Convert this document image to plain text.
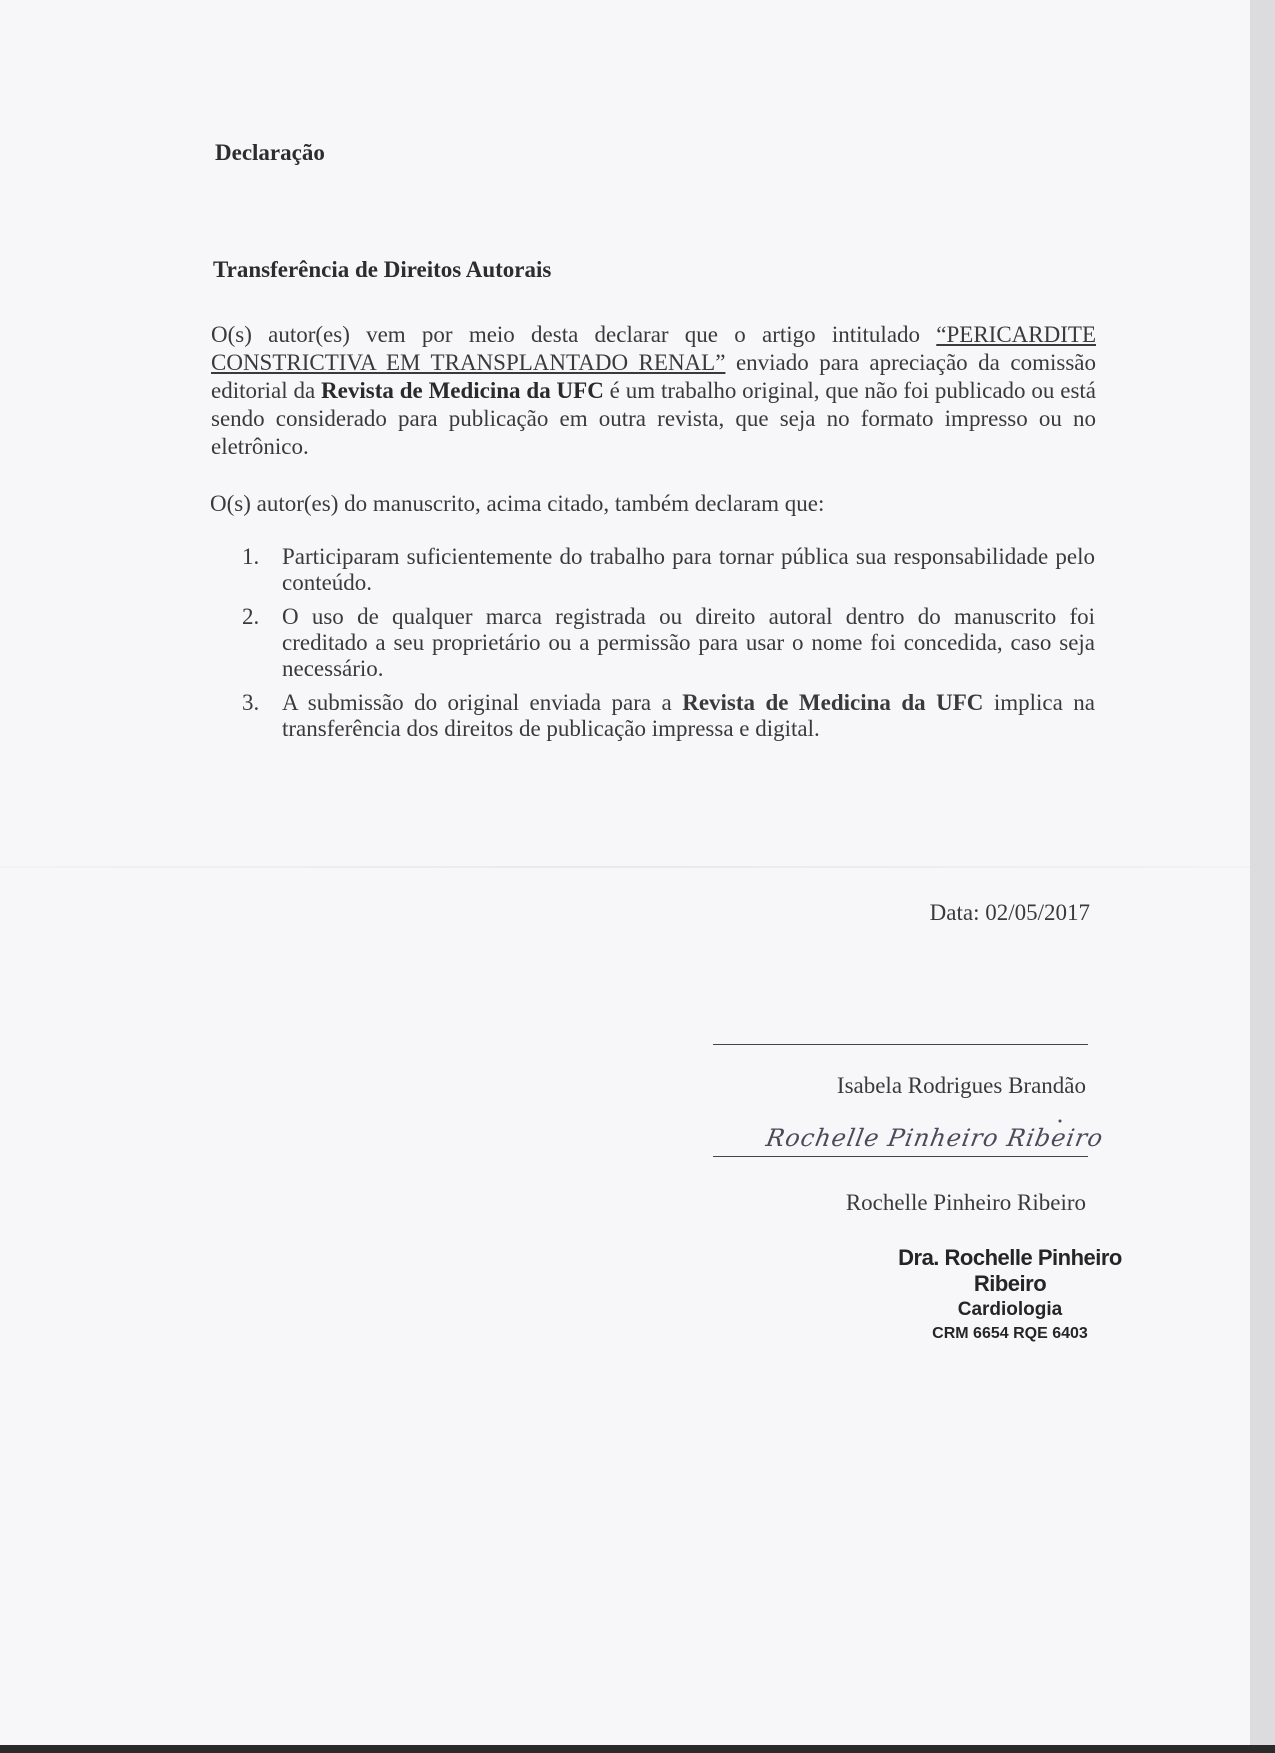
Declaração
Transferência de Direitos Autorais
O(s) autor(es) vem por meio desta declarar que o artigo intitulado “PERICARDITE CONSTRICTIVA EM TRANSPLANTADO RENAL” enviado para apreciação da comissão editorial da Revista de Medicina da UFC é um trabalho original, que não foi publicado ou está sendo considerado para publicação em outra revista, que seja no formato impresso ou no eletrônico.
O(s) autor(es) do manuscrito, acima citado, também declaram que:
1. Participaram suficientemente do trabalho para tornar pública sua responsabilidade pelo conteúdo.
2. O uso de qualquer marca registrada ou direito autoral dentro do manuscrito foi creditado a seu proprietário ou a permissão para usar o nome foi concedida, caso seja necessário.
3. A submissão do original enviada para a Revista de Medicina da UFC implica na transferência dos direitos de publicação impressa e digital.
Data: 02/05/2017
Isabela Rodrigues Brandão
Rochelle Pinheiro Ribeiro
Rochelle Pinheiro Ribeiro
Dra. Rochelle Pinheiro Ribeiro
Cardiologia
CRM 6654 RQE 6403
